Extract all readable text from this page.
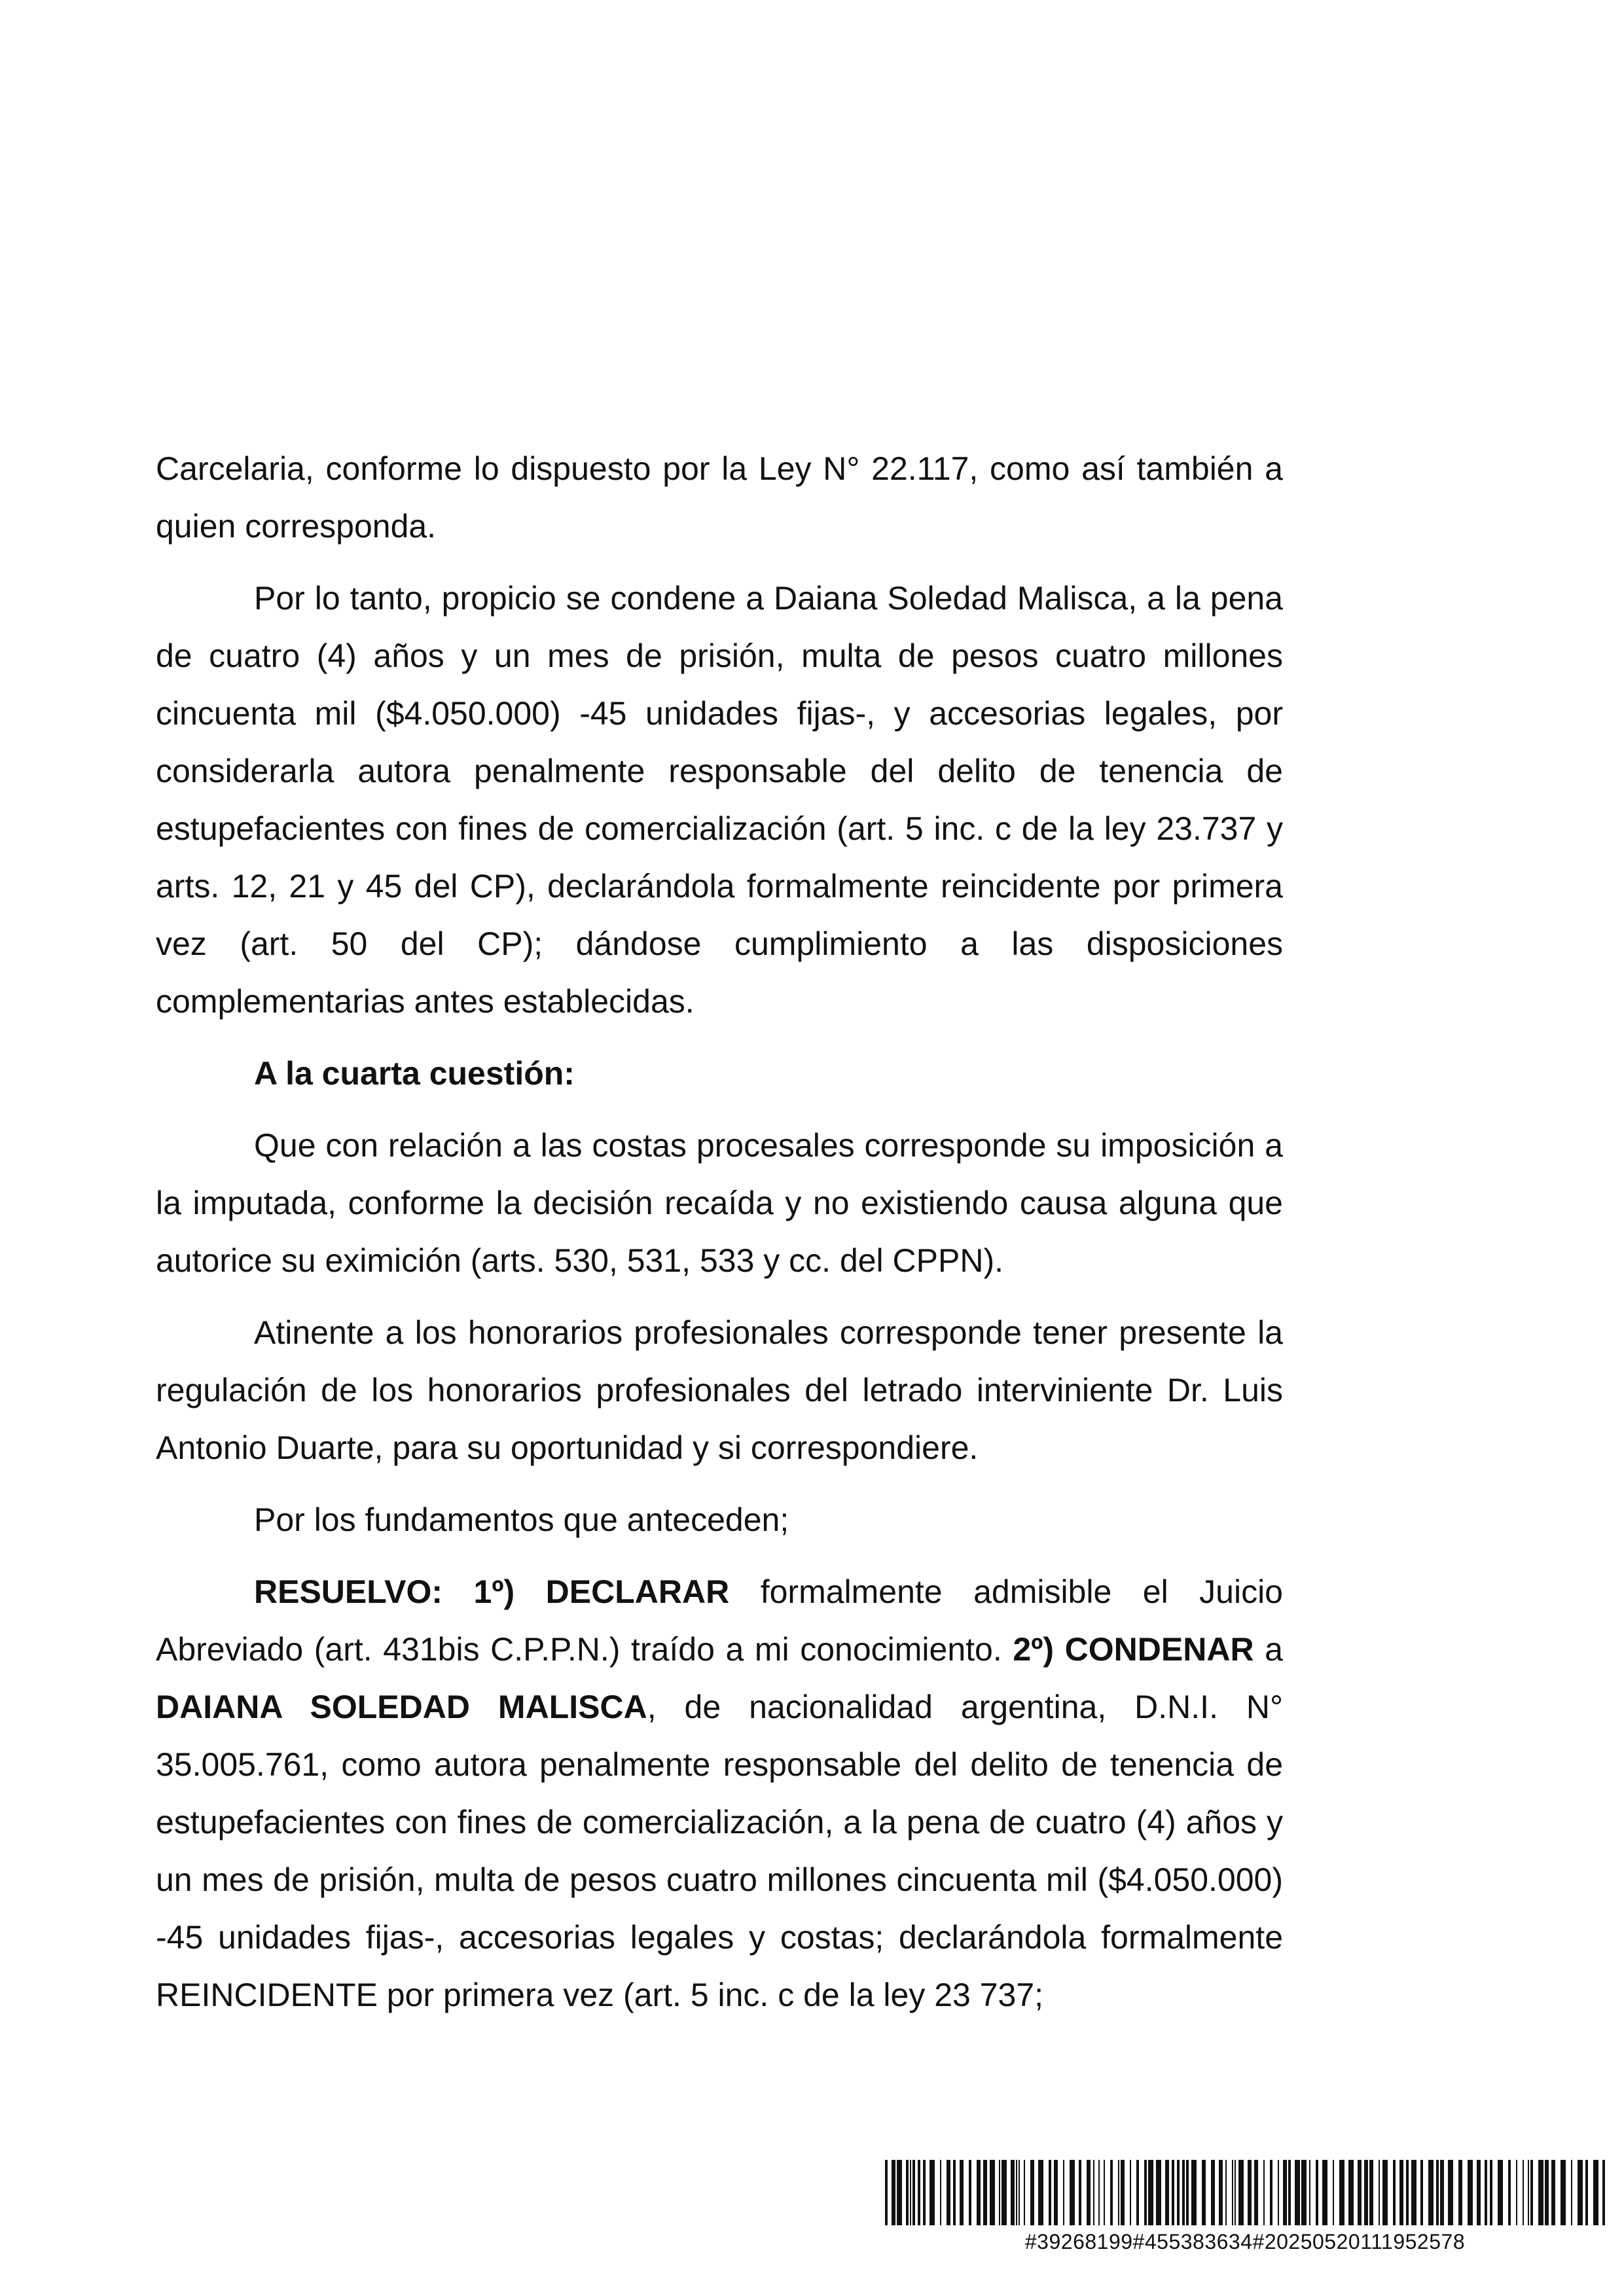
Carcelaria, conforme lo dispuesto por la Ley N° 22.117, como así también a quien corresponda.

Por lo tanto, propicio se condene a Daiana Soledad Malisca, a la pena de cuatro (4) años y un mes de prisión, multa de pesos cuatro millones cincuenta mil ($4.050.000) -45 unidades fijas-, y accesorias legales, por considerarla autora penalmente responsable del delito de tenencia de estupefacientes con fines de comercialización (art. 5 inc. c de la ley 23.737 y arts. 12, 21 y 45 del CP), declarándola formalmente reincidente por primera vez (art. 50 del CP); dándose cumplimiento a las disposiciones complementarias antes establecidas.

A la cuarta cuestión:

Que con relación a las costas procesales corresponde su imposición a la imputada, conforme la decisión recaída y no existiendo causa alguna que autorice su eximición (arts. 530, 531, 533 y cc. del CPPN).

Atinente a los honorarios profesionales corresponde tener presente la regulación de los honorarios profesionales del letrado interviniente Dr. Luis Antonio Duarte, para su oportunidad y si correspondiere.

Por los fundamentos que anteceden;

RESUELVO: 1º) DECLARAR formalmente admisible el Juicio Abreviado (art. 431bis C.P.P.N.) traído a mi conocimiento. 2º) CONDENAR a DAIANA SOLEDAD MALISCA, de nacionalidad argentina, D.N.I. N° 35.005.761, como autora penalmente responsable del delito de tenencia de estupefacientes con fines de comercialización, a la pena de cuatro (4) años y un mes de prisión, multa de pesos cuatro millones cincuenta mil ($4.050.000) -45 unidades fijas-, accesorias legales y costas; declarándola formalmente REINCIDENTE por primera vez (art. 5 inc. c de la ley 23 737;

#39268199#455383634#20250520111952578
